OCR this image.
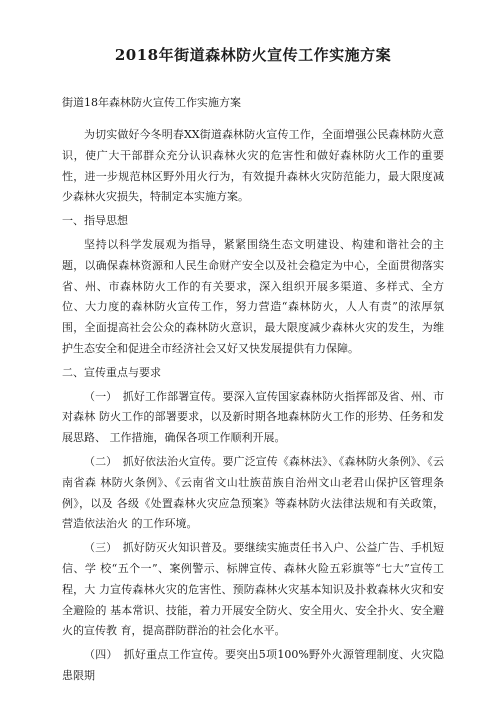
2018年街道森林防火宣传工作实施方案
街道18年森林防火宣传工作实施方案

为切实做好今冬明春XX街道森林防火宣传工作，全面增强公民森林防火意识，使广大干部群众充分认识森林火灾的危害性和做好森林防火工作的重要性，进一步规范林区野外用火行为，有效提升森林火灾防范能力，最大限度减少森林火灾损失，特制定本实施方案。

一、指导思想

坚持以科学发展观为指导，紧紧围绕生态文明建设、构建和谐社会的主题，以确保森林资源和人民生命财产安全以及社会稳定为中心，全面贯彻落实省、州、市森林防火工作的有关要求，深入组织开展多渠道、多样式、全方位、大力度的森林防火宣传工作，努力营造“森林防火，人人有责”的浓厚氛围，全面提高社会公众的森林防火意识，最大限度减少森林火灾的发生，为维护生态安全和促进全市经济社会又好又快发展提供有力保障。

二、宣传重点与要求

（一）　抓好工作部署宣传。要深入宣传国家森林防火指挥部及省、州、市对森林 防火工作的部署要求，以及新时期各地森林防火工作的形势、任务和发展思路、 工作措施，确保各项工作顺利开展。

（二）　抓好依法治火宣传。要广泛宣传《森林法》、《森林防火条例》、《云南省森 林防火条例》、《云南省文山壮族苗族自治州文山老君山保护区管理条例》，以及 各级《处置森林火灾应急预案》等森林防火法律法规和有关政策，营造依法治火 的工作环境。

（三）　抓好防灭火知识普及。要继续实施责任书入户、公益广告、手机短信、学 校“五个一”、案例警示、标牌宣传、森林火险五彩旗等“七大”宣传工程，大 力宣传森林火灾的危害性、预防森林火灾基本知识及扑救森林火灾和安全避险的 基本常识、技能，着力开展安全防火、安全用火、安全扑火、安全避火的宣传教 育，提高群防群治的社会化水平。

（四）　抓好重点工作宣传。要突出5项100%野外火源管理制度、火灾隐患限期
